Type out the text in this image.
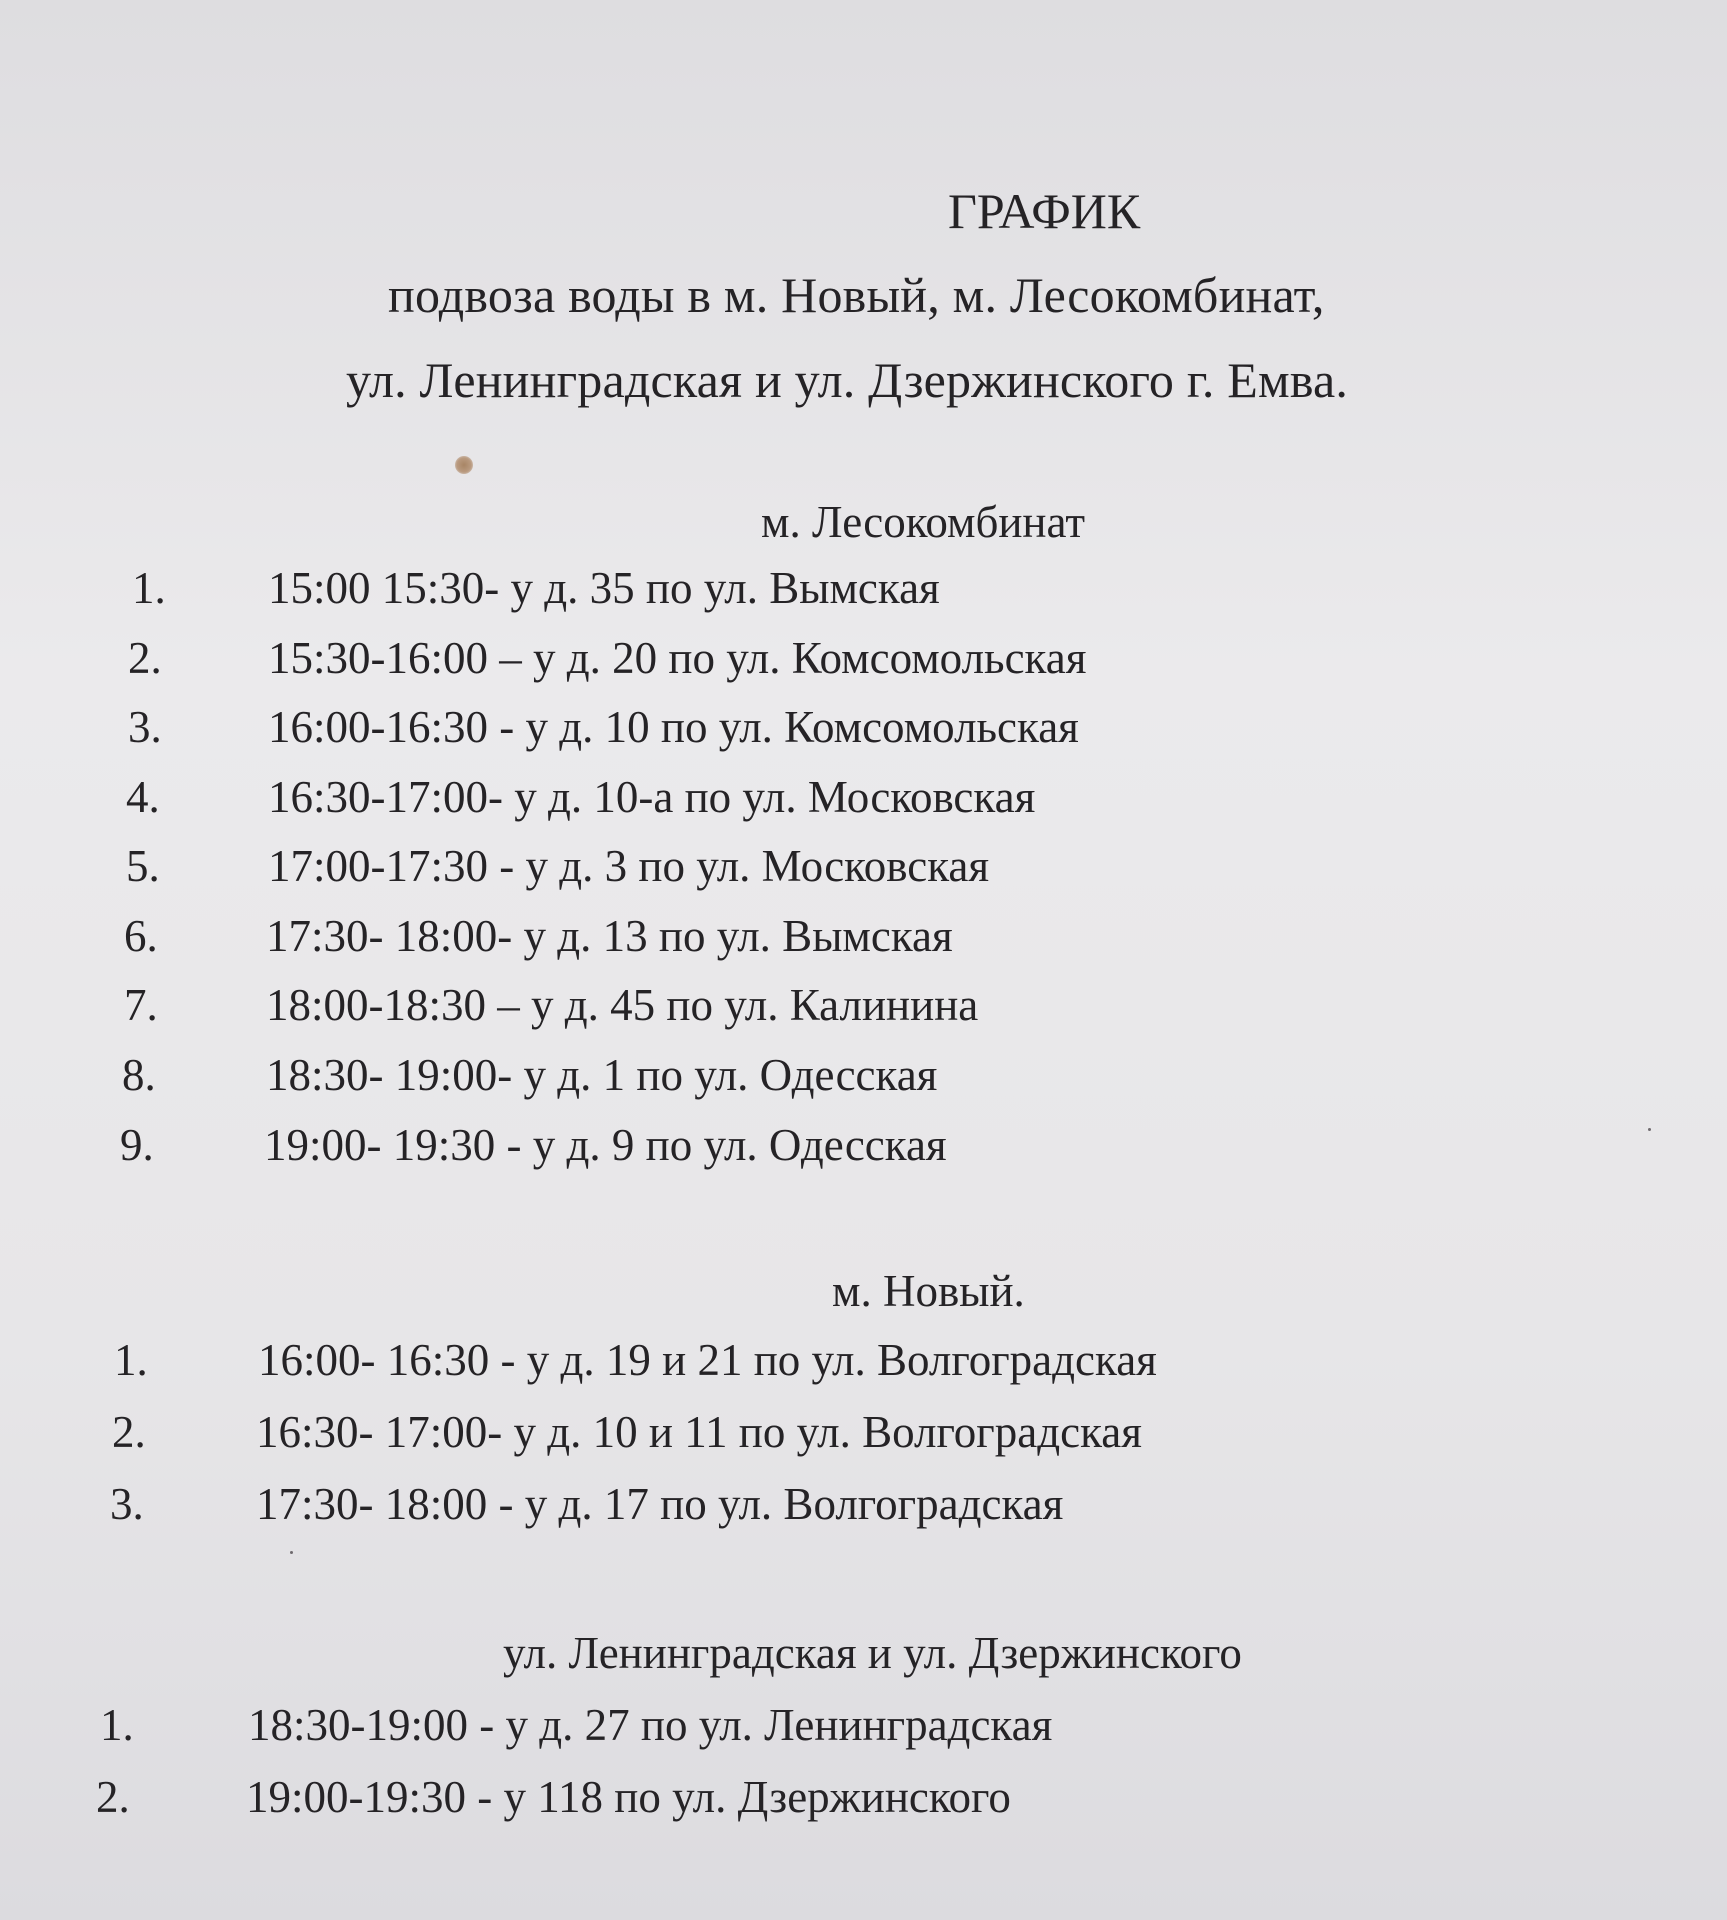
ГРАФИК
подвоза воды в м. Новый, м. Лесокомбинат,
ул. Ленинградская и ул. Дзержинского г. Емва.
м. Лесокомбинат
1. 15:00 15:30- у д. 35 по ул. Вымская
2. 15:30-16:00 – у д. 20 по ул. Комсомольская
3. 16:00-16:30 - у д. 10 по ул. Комсомольская
4. 16:30-17:00- у д. 10-а по ул. Московская
5. 17:00-17:30 - у д. 3 по ул. Московская
6. 17:30- 18:00- у д. 13 по ул. Вымская
7. 18:00-18:30 – у д. 45 по ул. Калинина
8. 18:30- 19:00- у д. 1 по ул. Одесская
9. 19:00- 19:30 - у д. 9 по ул. Одесская
м. Новый.
1. 16:00- 16:30 - у д. 19 и 21 по ул. Волгоградская
2. 16:30- 17:00- у д. 10 и 11 по ул. Волгоградская
3. 17:30- 18:00 - у д. 17 по ул. Волгоградская
ул. Ленинградская и ул. Дзержинского
1.	18:30-19:00 - у д. 27 по ул. Ленинградская
2.	19:00-19:30 - у 118 по ул. Дзержинского
